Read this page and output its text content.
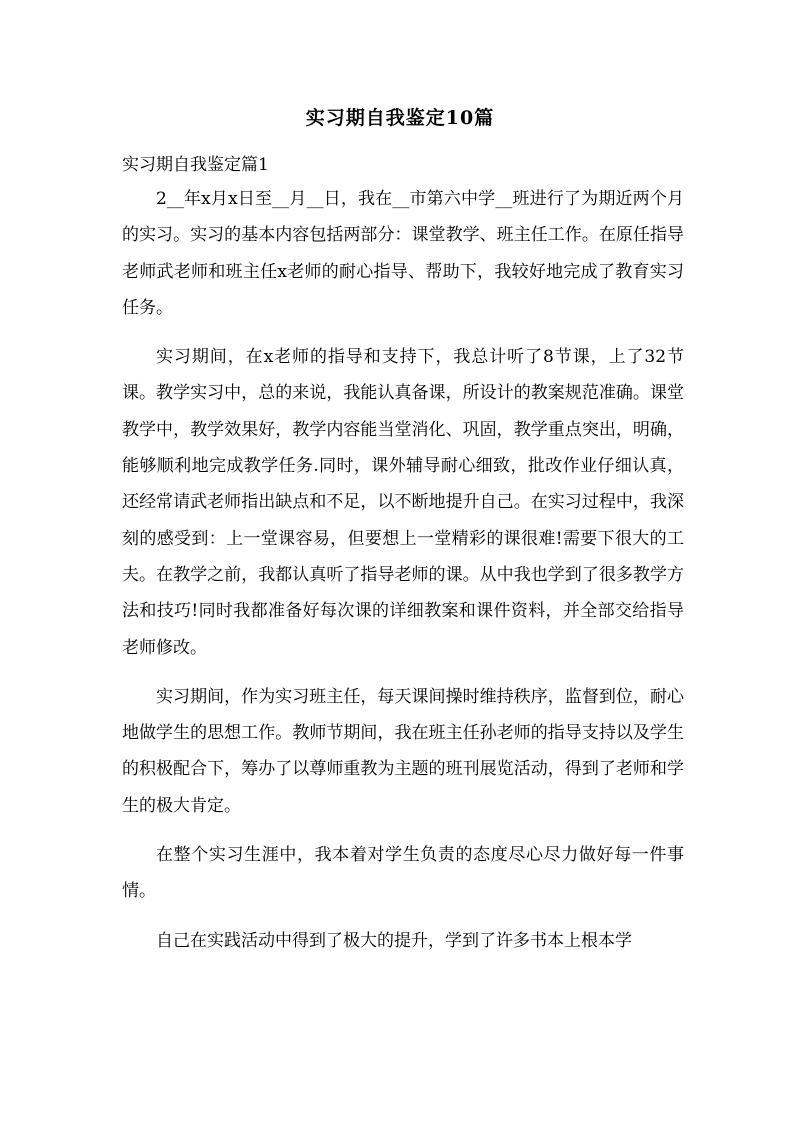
实习期自我鉴定10篇

实习期自我鉴定篇1

2__年x月x日至__月__日，我在__市第六中学__班进行了为期近两个月的实习。实习的基本内容包括两部分：课堂教学、班主任工作。在原任指导老师武老师和班主任x老师的耐心指导、帮助下，我较好地完成了教育实习任务。

实习期间，在x老师的指导和支持下，我总计听了8节课，上了32节课。教学实习中，总的来说，我能认真备课，所设计的教案规范准确。课堂教学中，教学效果好，教学内容能当堂消化、巩固，教学重点突出，明确，能够顺利地完成教学任务.同时，课外辅导耐心细致，批改作业仔细认真，还经常请武老师指出缺点和不足，以不断地提升自己。在实习过程中，我深刻的感受到：上一堂课容易，但要想上一堂精彩的课很难!需要下很大的工夫。在教学之前，我都认真听了指导老师的课。从中我也学到了很多教学方法和技巧!同时我都准备好每次课的详细教案和课件资料，并全部交给指导老师修改。

实习期间，作为实习班主任，每天课间操时维持秩序，监督到位，耐心地做学生的思想工作。教师节期间，我在班主任孙老师的指导支持以及学生的积极配合下，筹办了以尊师重教为主题的班刊展览活动，得到了老师和学生的极大肯定。

在整个实习生涯中，我本着对学生负责的态度尽心尽力做好每一件事情。

自己在实践活动中得到了极大的提升，学到了许多书本上根本学
